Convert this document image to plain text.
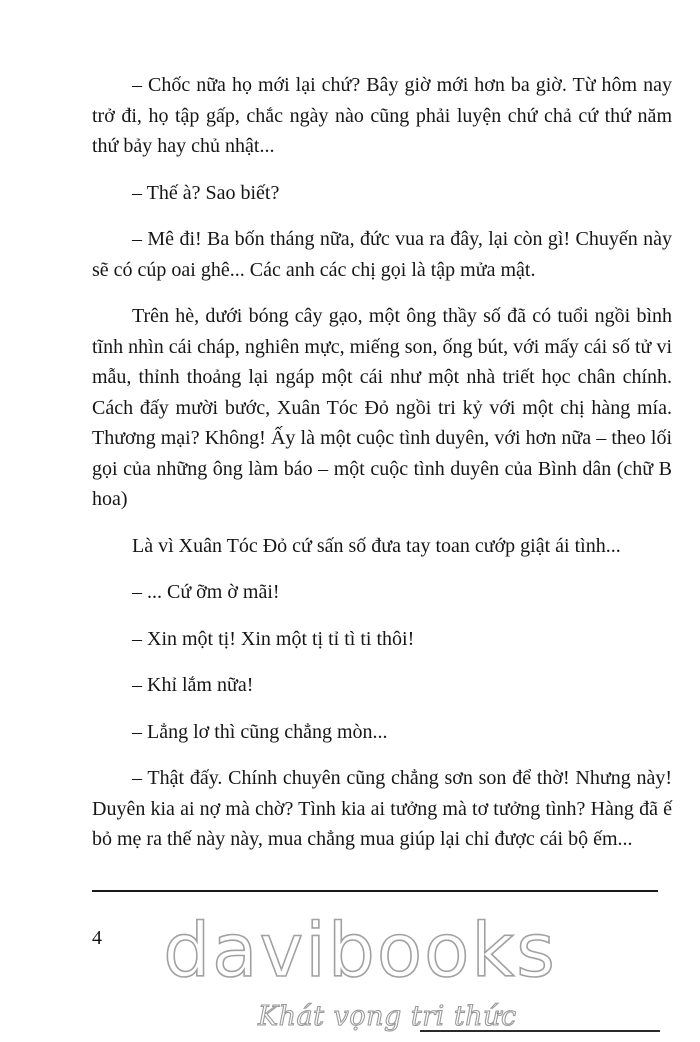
– Chốc nữa họ mới lại chứ? Bây giờ mới hơn ba giờ. Từ hôm nay trở đi, họ tập gấp, chắc ngày nào cũng phải luyện chứ chả cứ thứ năm thứ bảy hay chủ nhật...

– Thế à? Sao biết?

– Mê đi! Ba bốn tháng nữa, đức vua ra đây, lại còn gì! Chuyến này sẽ có cúp oai ghê... Các anh các chị gọi là tập mửa mật.

Trên hè, dưới bóng cây gạo, một ông thầy số đã có tuổi ngồi bình tĩnh nhìn cái cháp, nghiên mực, miếng son, ống bút, với mấy cái số tử vi mẫu, thỉnh thoảng lại ngáp một cái như một nhà triết học chân chính. Cách đấy mười bước, Xuân Tóc Đỏ ngồi tri kỷ với một chị hàng mía. Thương mại? Không! Ấy là một cuộc tình duyên, với hơn nữa – theo lối gọi của những ông làm báo – một cuộc tình duyên của Bình dân (chữ B hoa)

Là vì Xuân Tóc Đỏ cứ sấn số đưa tay toan cướp giật ái tình...

– ... Cứ ỡm ờ mãi!

– Xin một tị! Xin một tị tỉ tì ti thôi!

– Khỉ lắm nữa!

– Lẳng lơ thì cũng chẳng mòn...

– Thật đấy. Chính chuyên cũng chẳng sơn son để thờ! Nhưng này! Duyên kia ai nợ mà chờ? Tình kia ai tưởng mà tơ tưởng tình? Hàng đã ế bỏ mẹ ra thế này này, mua chẳng mua giúp lại chỉ được cái bộ ếm...

4 davibooks
Khát vọng tri thức
